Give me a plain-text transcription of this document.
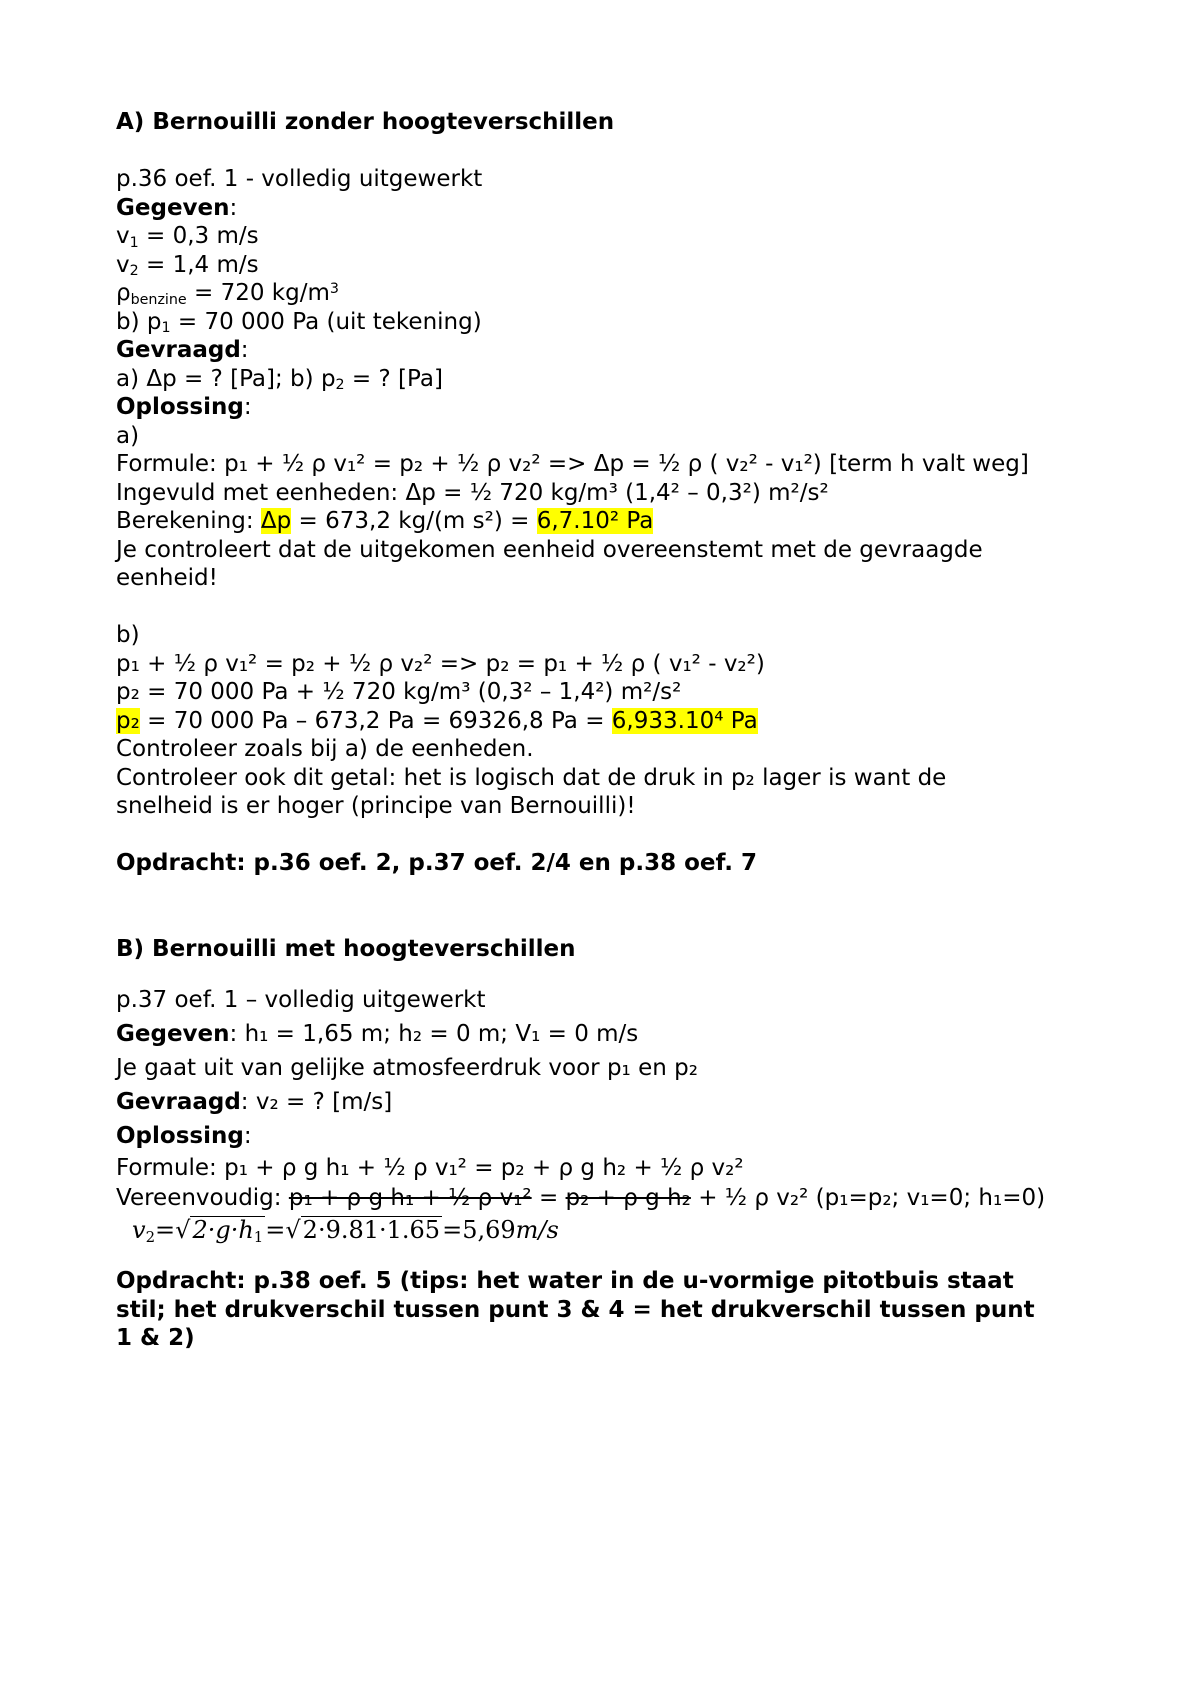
A) Bernouilli zonder hoogteverschillen
p.36 oef. 1 - volledig uitgewerkt
Gegeven:
$v_1 = 0,3$ m/s
$v_2 = 1,4$ m/s
$\rho_{benzine} = 720$ $kg/m^3$
b) $p_1 = 70$ 000 Pa (uit tekening)
Gevraagd:
a) Δp = ? [Pa]; b) $p_2$ = ? [Pa]
Oplossing:
a)
Formule: p₁ + ½ ρ v₁² = p₂ + ½ ρ v₂² => Δp = ½ ρ ( v₂² - v₁²) [term h valt weg]
Ingevuld met eenheden: Δp = ½ 720 kg/m³ (1,4² – 0,3²) m²/s²
Berekening: Δp = 673,2 kg/(m s²) = 6,7.10² Pa
Je controleert dat de uitgekomen eenheid overeenstemt met de gevraagde
eenheid!
b)
p₁ + ½ ρ v₁² = p₂ + ½ ρ v₂² => p₂ = p₁ + ½ ρ ( v₁² - v₂²)
p₂ = 70 000 Pa + ½ 720 kg/m³ (0,3² – 1,4²) m²/s²
p₂ = 70 000 Pa – 673,2 Pa = 69326,8 Pa = 6,933.10⁴ Pa
Controleer zoals bij a) de eenheden.
Controleer ook dit getal: het is logisch dat de druk in p₂ lager is want de
snelheid is er hoger (principe van Bernouilli)!
Opdracht: p.36 oef. 2, p.37 oef. 2/4 en p.38 oef. 7
B) Bernouilli met hoogteverschillen
p.37 oef. 1 – volledig uitgewerkt
Gegeven: h₁ = 1,65 m; h₂ = 0 m; V₁ = 0 m/s
Je gaat uit van gelijke atmosfeerdruk voor p₁ en p₂
Gevraagd: v₂ = ? [m/s]
Oplossing:
Formule: p₁ + ρ g h₁ + ½ ρ v₁² = p₂ + ρ g h₂ + ½ ρ v₂²
Vereenvoudig: p₁ + ρ g h₁ + ½ ρ v₁² = p₂ + ρ g h₂ + ½ ρ v₂² (p₁=p₂; v₁=0; h₁=0)
$v_2=√2\cdot g\cdot h_1=√2\cdot 9.81\cdot 1.65=5,69m/s$
Opdracht: p.38 oef. 5 (tips: het water in de u-vormige pitotbuis staat
stil; het drukverschil tussen punt 3 & 4 = het drukverschil tussen punt
1 & 2)
